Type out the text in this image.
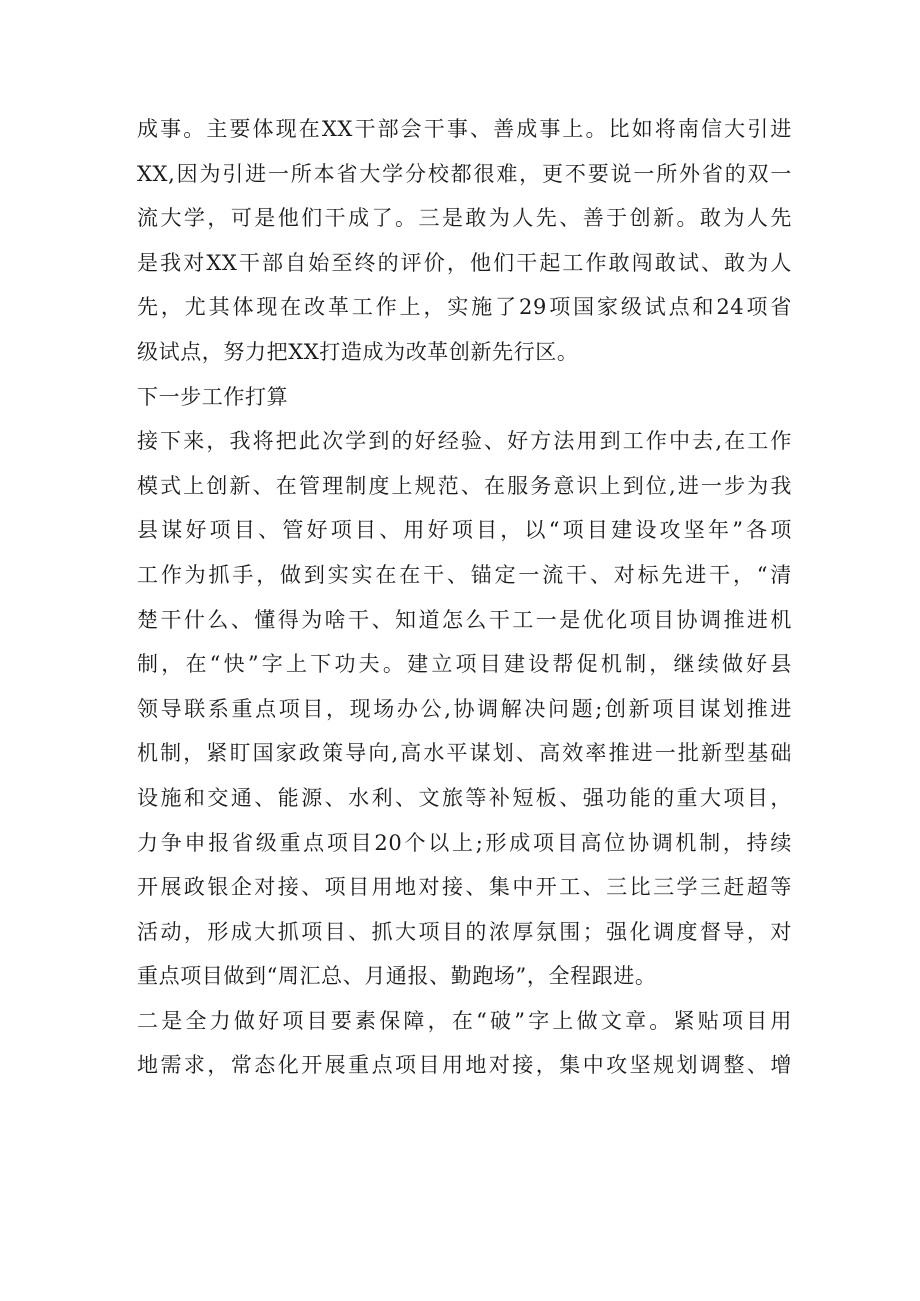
成事。主要体现在XX干部会干事、善成事上。比如将南信大引进
XX,因为引进一所本省大学分校都很难，更不要说一所外省的双一
流大学，可是他们干成了。三是敢为人先、善于创新。敢为人先
是我对XX干部自始至终的评价，他们干起工作敢闯敢试、敢为人
先，尤其体现在改革工作上，实施了29项国家级试点和24项省
级试点，努力把XX打造成为改革创新先行区。
下一步工作打算
接下来，我将把此次学到的好经验、好方法用到工作中去,在工作
模式上创新、在管理制度上规范、在服务意识上到位,进一步为我
县谋好项目、管好项目、用好项目，以“项目建设攻坚年”各项
工作为抓手，做到实实在在干、锚定一流干、对标先进干，“清
楚干什么、懂得为啥干、知道怎么干工一是优化项目协调推进机
制，在“快”字上下功夫。建立项目建设帮促机制，继续做好县
领导联系重点项目，现场办公,协调解决问题;创新项目谋划推进
机制，紧盯国家政策导向,高水平谋划、高效率推进一批新型基础
设施和交通、能源、水利、文旅等补短板、强功能的重大项目，
力争申报省级重点项目20个以上;形成项目高位协调机制，持续
开展政银企对接、项目用地对接、集中开工、三比三学三赶超等
活动，形成大抓项目、抓大项目的浓厚氛围；强化调度督导，对
重点项目做到“周汇总、月通报、勤跑场”，全程跟进。
二是全力做好项目要素保障，在“破”字上做文章。紧贴项目用
地需求，常态化开展重点项目用地对接，集中攻坚规划调整、增
